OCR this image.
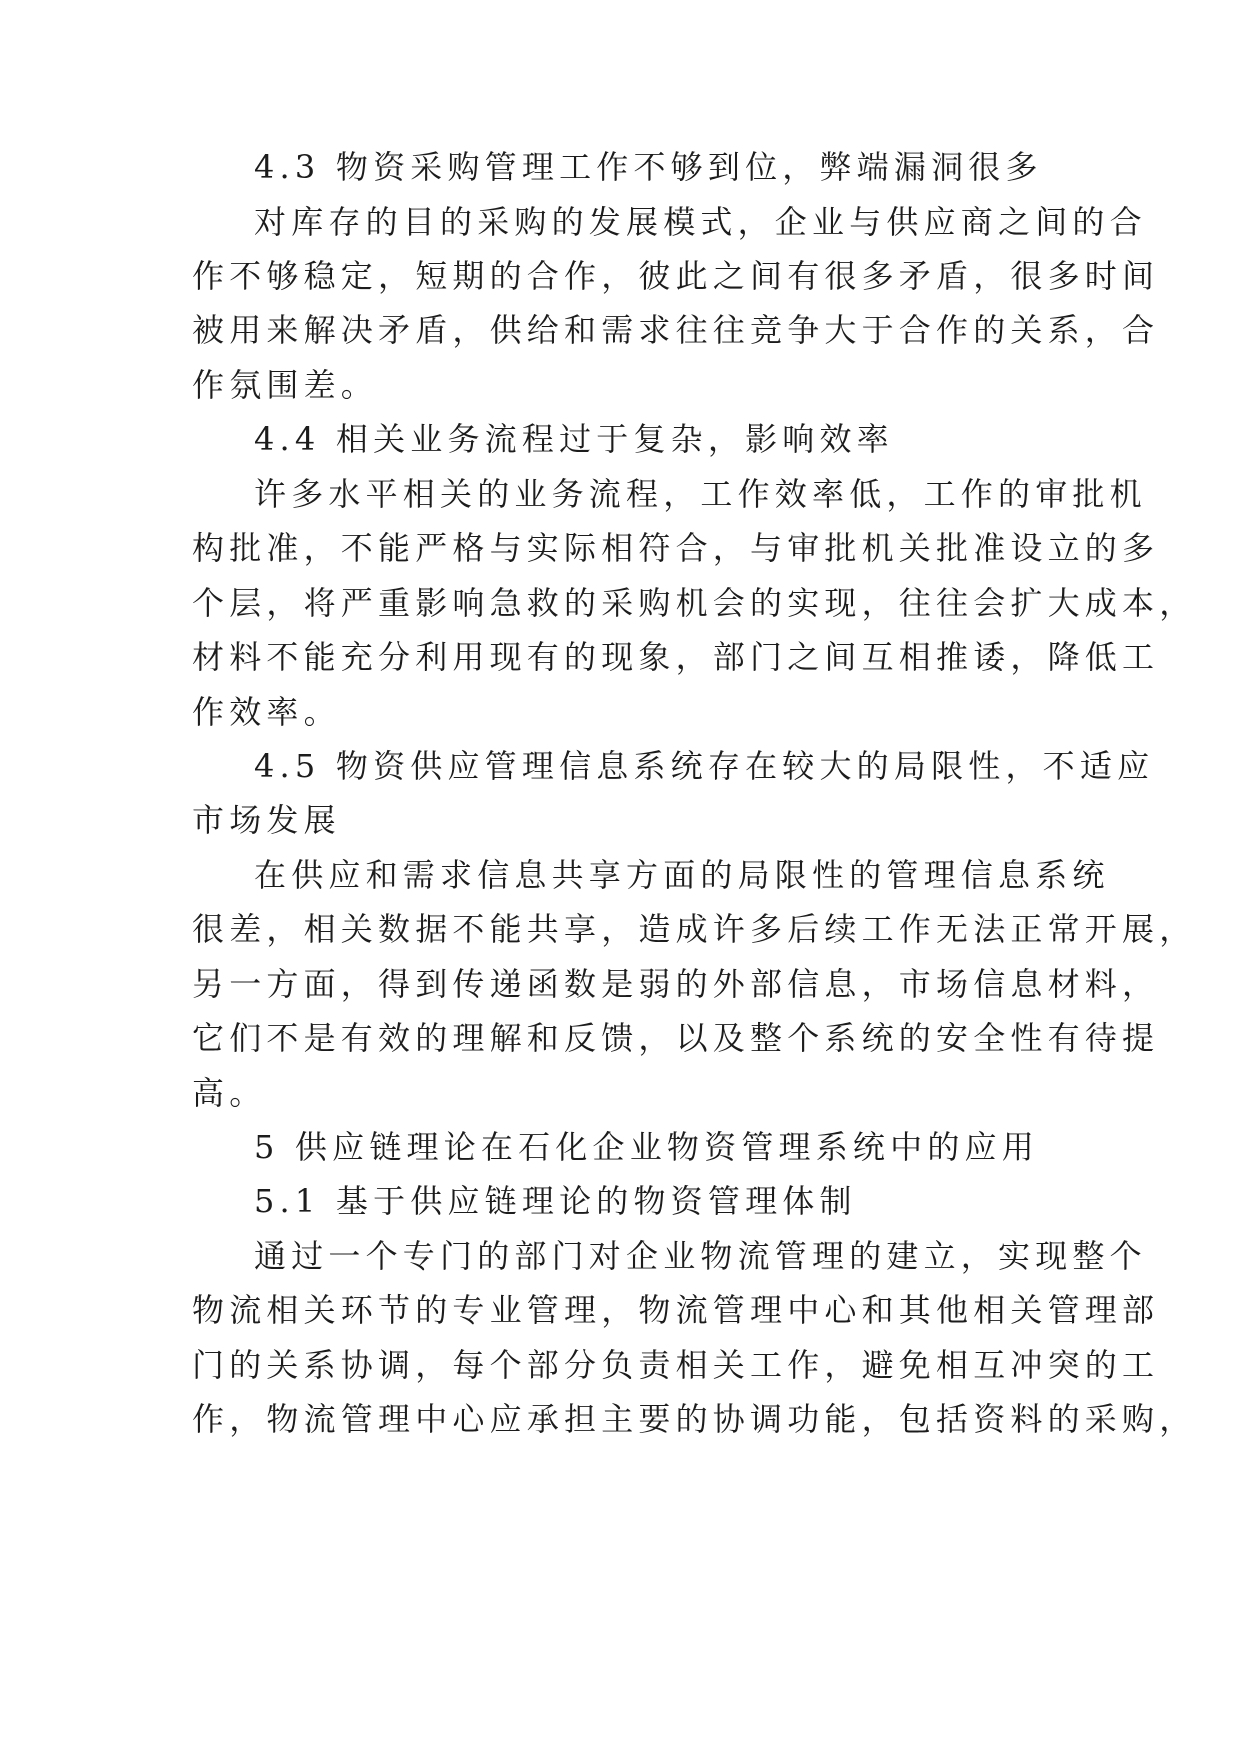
4.3 物资采购管理工作不够到位，弊端漏洞很多
对库存的目的采购的发展模式，企业与供应商之间的合
作不够稳定，短期的合作，彼此之间有很多矛盾，很多时间
被用来解决矛盾，供给和需求往往竞争大于合作的关系，合
作氛围差。
4.4 相关业务流程过于复杂，影响效率
许多水平相关的业务流程，工作效率低，工作的审批机
构批准，不能严格与实际相符合，与审批机关批准设立的多
个层，将严重影响急救的采购机会的实现，往往会扩大成本，
材料不能充分利用现有的现象，部门之间互相推诿，降低工
作效率。
4.5 物资供应管理信息系统存在较大的局限性，不适应
市场发展
在供应和需求信息共享方面的局限性的管理信息系统
很差，相关数据不能共享，造成许多后续工作无法正常开展，
另一方面，得到传递函数是弱的外部信息，市场信息材料，
它们不是有效的理解和反馈，以及整个系统的安全性有待提
高。
5 供应链理论在石化企业物资管理系统中的应用
5.1 基于供应链理论的物资管理体制
通过一个专门的部门对企业物流管理的建立，实现整个
物流相关环节的专业管理，物流管理中心和其他相关管理部
门的关系协调，每个部分负责相关工作，避免相互冲突的工
作，物流管理中心应承担主要的协调功能，包括资料的采购，
